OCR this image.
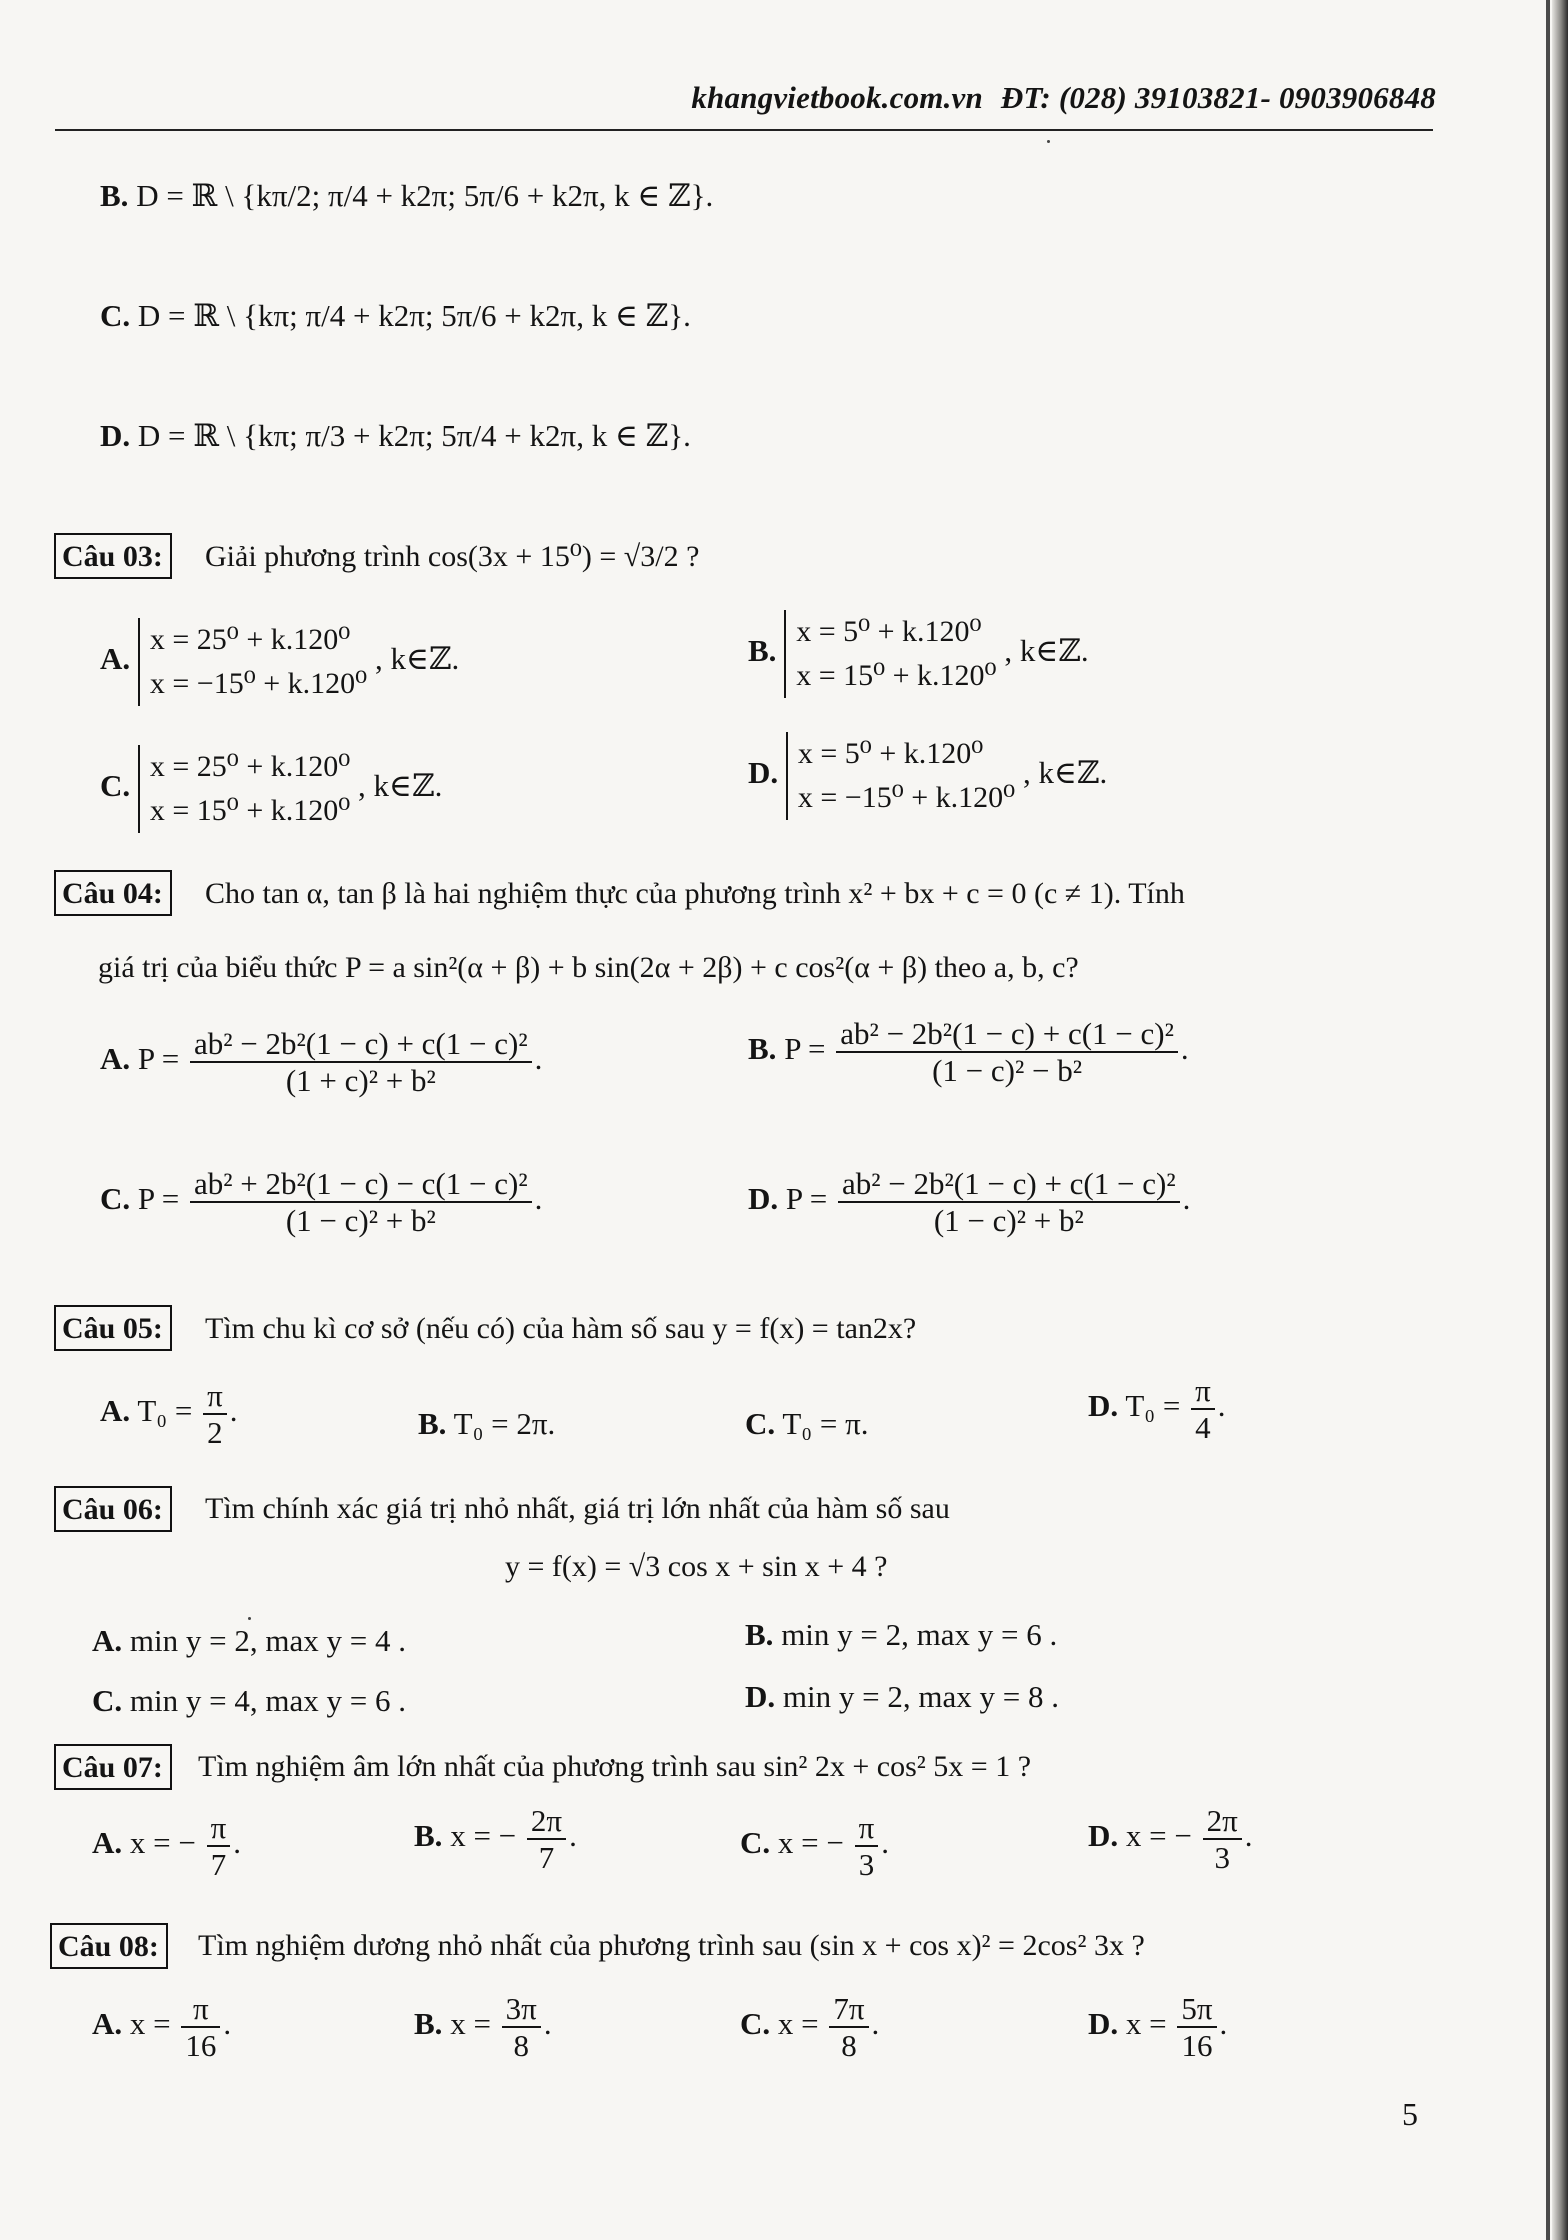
khangvietbook.com.vn ĐT: (028) 39103821- 0903906848
B. D = ℝ \ {kπ/2; π/4 + k2π; 5π/6 + k2π, k ∈ ℤ}.
C. D = ℝ \ {kπ; π/4 + k2π; 5π/6 + k2π, k ∈ ℤ}.
D. D = ℝ \ {kπ; π/3 + k2π; 5π/4 + k2π, k ∈ ℤ}.
Câu 03:	Giải phương trình cos(3x + 15⁰) = √3/2 ?
A.
x = 25⁰ + k.120⁰
x = −15⁰ + k.120⁰
, k∈ℤ.	B.
x = 5⁰ + k.120⁰
x = 15⁰ + k.120⁰
, k∈ℤ.
C.
x = 25⁰ + k.120⁰
x = 15⁰ + k.120⁰
, k∈ℤ.	D.
x = 5⁰ + k.120⁰
x = −15⁰ + k.120⁰
, k∈ℤ.
Câu 04:	Cho tan α, tan β là hai nghiệm thực của phương trình x² + bx + c = 0 (c ≠ 1). Tính
giá trị của biểu thức P = a sin²(α + β) + b sin(2α + 2β) + c cos²(α + β) theo a, b, c?
A. $P = \frac{\text{ab² − 2b²(1 − c) + c(1 − c)²}}{\text{(1 + c)² + b²}}$ .	B. $P = \frac{\text{ab² − 2b²(1 − c) + c(1 − c)²}}{\text{(1 − c)² − b²}}$ .
C. $P = \frac{\text{ab² + 2b²(1 − c) − c(1 − c)²}}{\text{(1 − c)² + b²}}$ .	D. $P = \frac{\text{ab² − 2b²(1 − c) + c(1 − c)²}}{\text{(1 − c)² + b²}}$ .
Câu 05:	Tìm chu kì cơ sở (nếu có) của hàm số sau y = f(x) = tan2x?
A. $T_0 = \frac{\pi}{2}$ .	B. T₀ = 2π.	C. T₀ = π.
D. $T_0 = \frac{\pi}{4}$ .
Câu 06:	Tìm chính xác giá trị nhỏ nhất, giá trị lớn nhất của hàm số sau
y = f(x) = √3 cos x + sin x + 4 ?
A. min y = 2, max y = 4 .	B. min y = 2, max y = 6 .
C. min y = 4, max y = 6 .	D. min y = 2, max y = 8 .
Câu 07:	Tìm nghiệm âm lớn nhất của phương trình sau sin² 2x + cos² 5x = 1 ?
A. x = − $\frac{\pi}{7}$ .	B. x = − $\frac{2\pi}{7}$ .	C. x = − $\frac{\pi}{3}$ .	D. x = − $\frac{2\pi}{3}$ .
Câu 08:	Tìm nghiệm dương nhỏ nhất của phương trình sau (sin x + cos x)² = 2cos² 3x ?
A. $x = \frac{\pi}{16}$ .	B. $x = \frac{3\pi}{8}$ .	C. $x = \frac{7\pi}{8}$ .	D. $x = \frac{5\pi}{16}$ .
5
